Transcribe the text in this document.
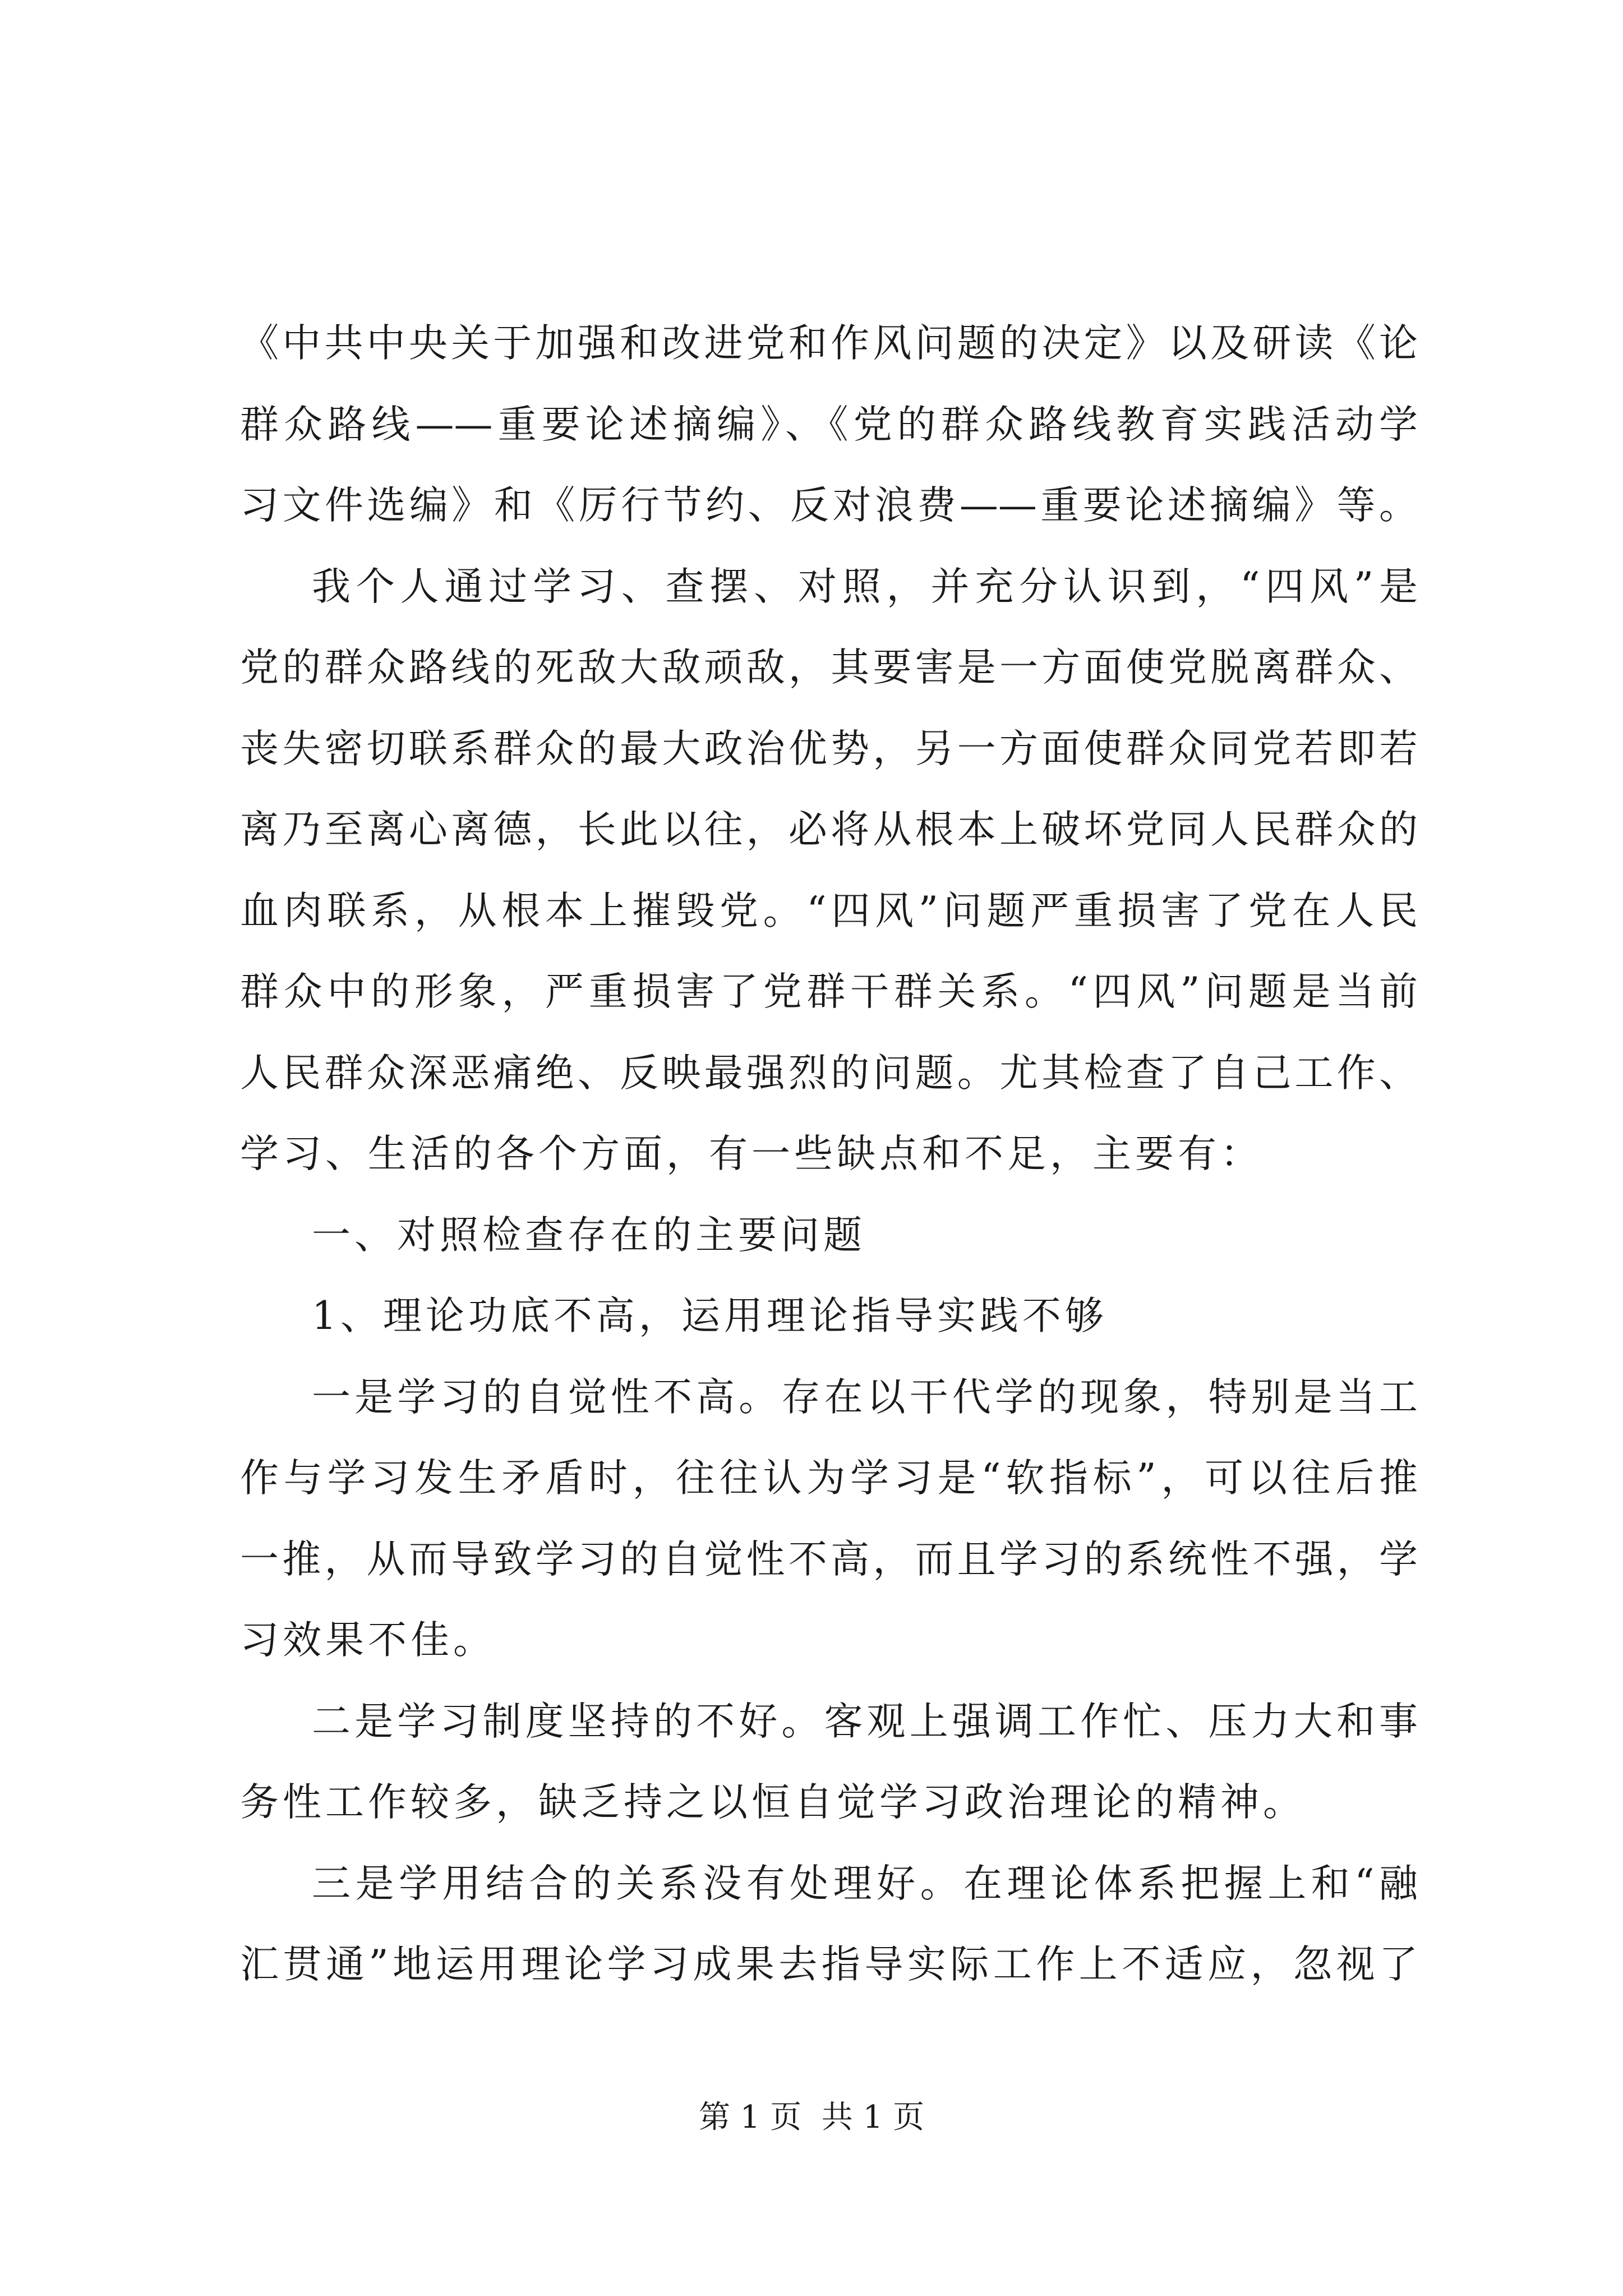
《中共中央关于加强和改进党和作风问题的决定》以及研读《论
群众路线——重要论述摘编》、《党的群众路线教育实践活动学
习文件选编》和《厉行节约、反对浪费——重要论述摘编》等。
我个人通过学习、查摆、对照，并充分认识到，“四风”是
党的群众路线的死敌大敌顽敌，其要害是一方面使党脱离群众、
丧失密切联系群众的最大政治优势，另一方面使群众同党若即若
离乃至离心离德，长此以往，必将从根本上破坏党同人民群众的
血肉联系，从根本上摧毁党。“四风”问题严重损害了党在人民
群众中的形象，严重损害了党群干群关系。“四风”问题是当前
人民群众深恶痛绝、反映最强烈的问题。尤其检查了自己工作、
学习、生活的各个方面，有一些缺点和不足，主要有：
一、对照检查存在的主要问题
1、理论功底不高，运用理论指导实践不够
一是学习的自觉性不高。存在以干代学的现象，特别是当工
作与学习发生矛盾时，往往认为学习是“软指标”，可以往后推
一推，从而导致学习的自觉性不高，而且学习的系统性不强，学
习效果不佳。
二是学习制度坚持的不好。客观上强调工作忙、压力大和事
务性工作较多，缺乏持之以恒自觉学习政治理论的精神。
三是学用结合的关系没有处理好。在理论体系把握上和“融
汇贯通”地运用理论学习成果去指导实际工作上不适应，忽视了
第 1 页  共 1 页
